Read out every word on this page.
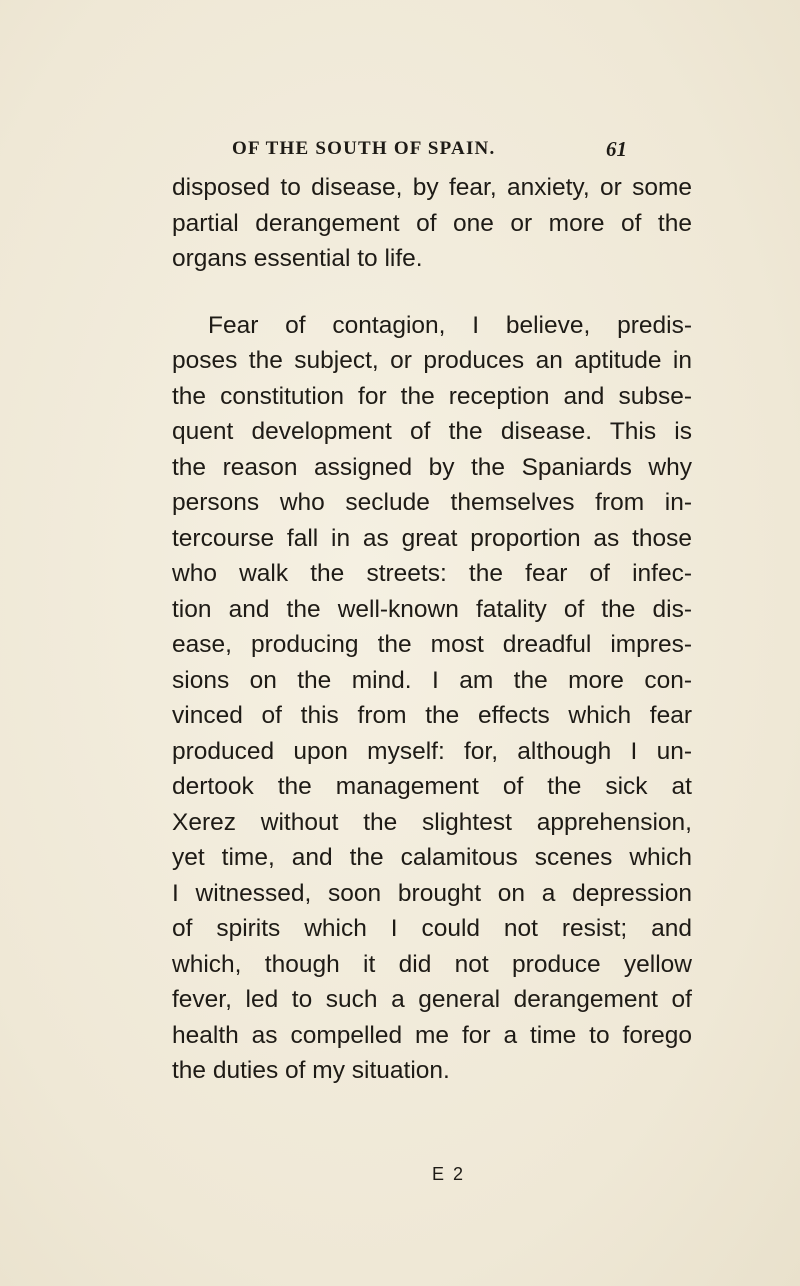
OF THE SOUTH OF SPAIN.	61
disposed to disease, by fear, anxiety, or some
partial derangement of one or more of the
organs essential to life.
Fear of contagion, I believe, predis-
poses the subject, or produces an aptitude in
the constitution for the reception and subse-
quent development of the disease. This is
the reason assigned by the Spaniards why
persons who seclude themselves from in-
tercourse fall in as great proportion as those
who walk the streets: the fear of infec-
tion and the well-known fatality of the dis-
ease, producing the most dreadful impres-
sions on the mind. I am the more con-
vinced of this from the effects which fear
produced upon myself: for, although I un-
dertook the management of the sick at
Xerez without the slightest apprehension,
yet time, and the calamitous scenes which
I witnessed, soon brought on a depression
of spirits which I could not resist; and
which, though it did not produce yellow
fever, led to such a general derangement of
health as compelled me for a time to forego
the duties of my situation.
E 2
